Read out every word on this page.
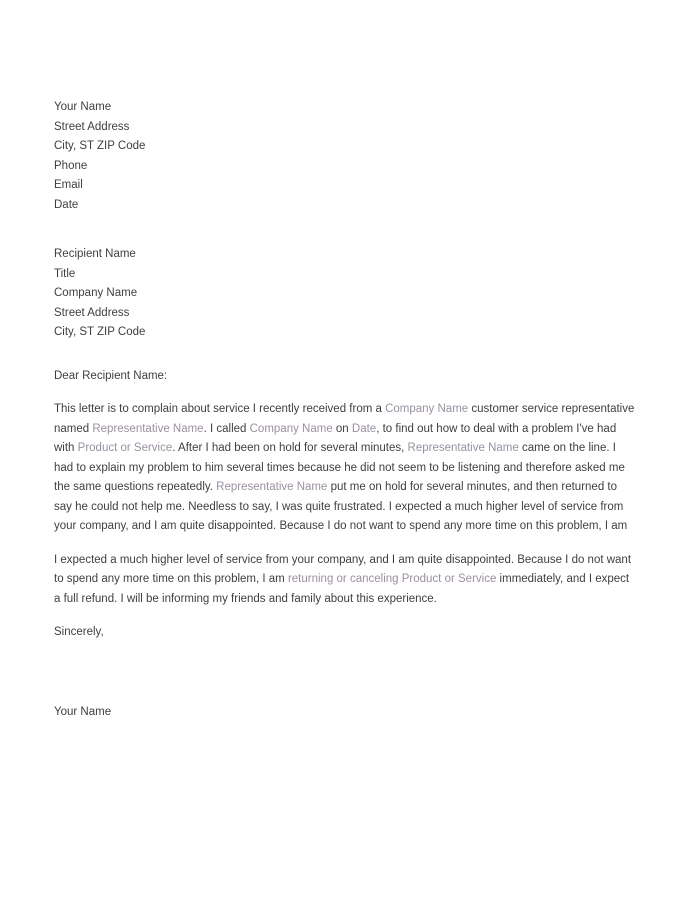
Your Name
Street Address
City, ST ZIP Code
Phone
Email
Date
Recipient Name
Title
Company Name
Street Address
City, ST ZIP Code

Dear Recipient Name:

This letter is to complain about service I recently received from a Company Name customer service representative named Representative Name. I called Company Name on Date, to find out how to deal with a problem I've had with Product or Service. After I had been on hold for several minutes, Representative Name came on the line. I had to explain my problem to him several times because he did not seem to be listening and therefore asked me the same questions repeatedly. Representative Name put me on hold for several minutes, and then returned to say he could not help me. Needless to say, I was quite frustrated. I expected a much higher level of service from your company, and I am quite disappointed. Because I do not want to spend any more time on this problem, I am

I expected a much higher level of service from your company, and I am quite disappointed. Because I do not want to spend any more time on this problem, I am returning or canceling Product or Service immediately, and I expect a full refund. I will be informing my friends and family about this experience.

Sincerely,

Your Name
